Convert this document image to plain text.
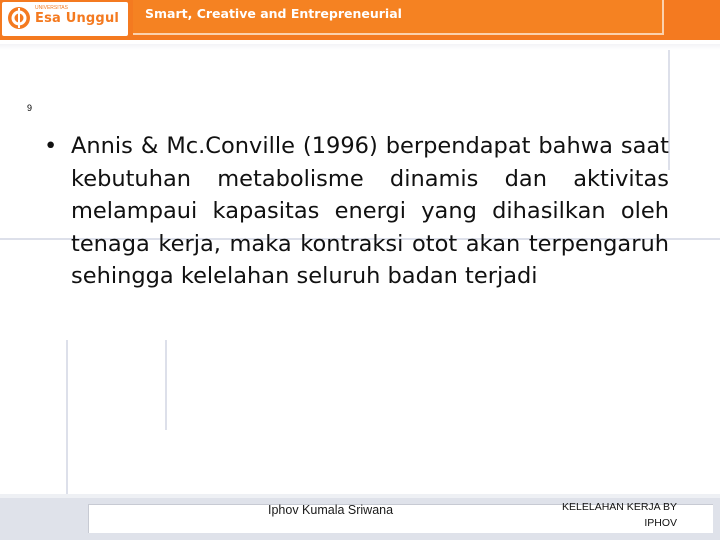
UNIVERSITAS
Esa Unggul Smart, Creative and Entrepreneurial
9
• Annis & Mc.Conville (1996) berpendapat bahwa saat kebutuhan metabolisme dinamis dan aktivitas melampaui kapasitas energi yang dihasilkan oleh tenaga kerja, maka kontraksi otot akan terpengaruh sehingga kelelahan seluruh badan terjadi
Iphov Kumala Sriwana	KELELAHAN KERJA BY
IPHOV
